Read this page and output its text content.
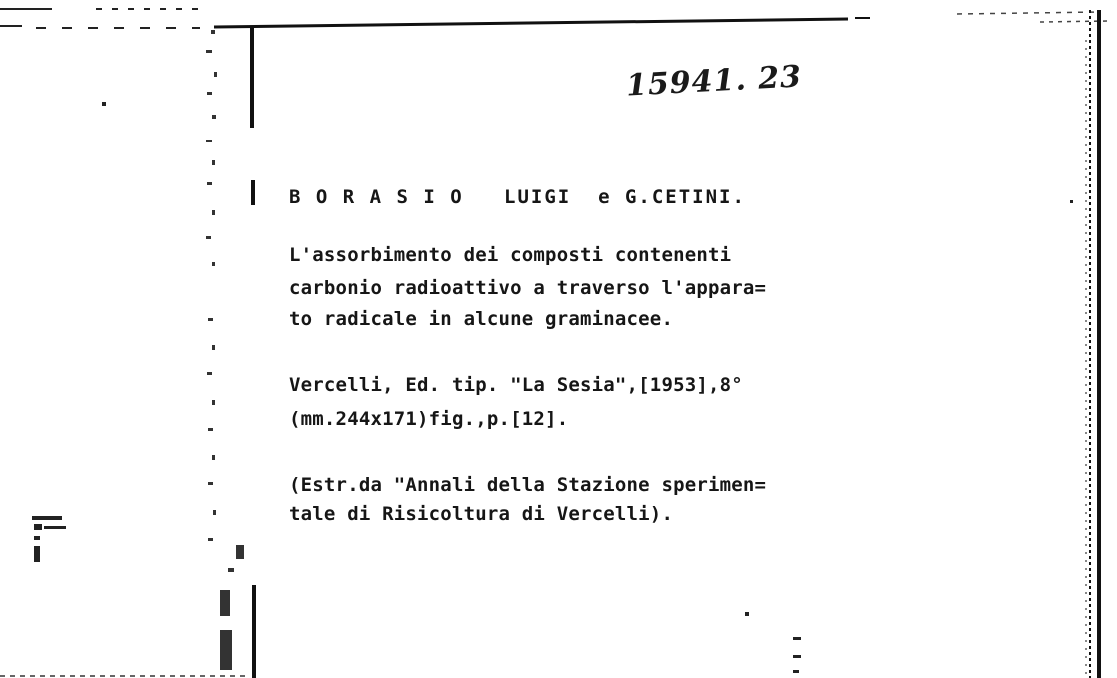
15941. 23
B O R A S I O   LUIGI  e G.CETINI.
L'assorbimento dei composti contenenti
carbonio radioattivo a traverso l'appara=
to radicale in alcune graminacee.
Vercelli, Ed. tip. "La Sesia",[1953],8°
(mm.244x171)fig.,p.[12].
(Estr.da "Annali della Stazione sperimen=
tale di Risicoltura di Vercelli).
